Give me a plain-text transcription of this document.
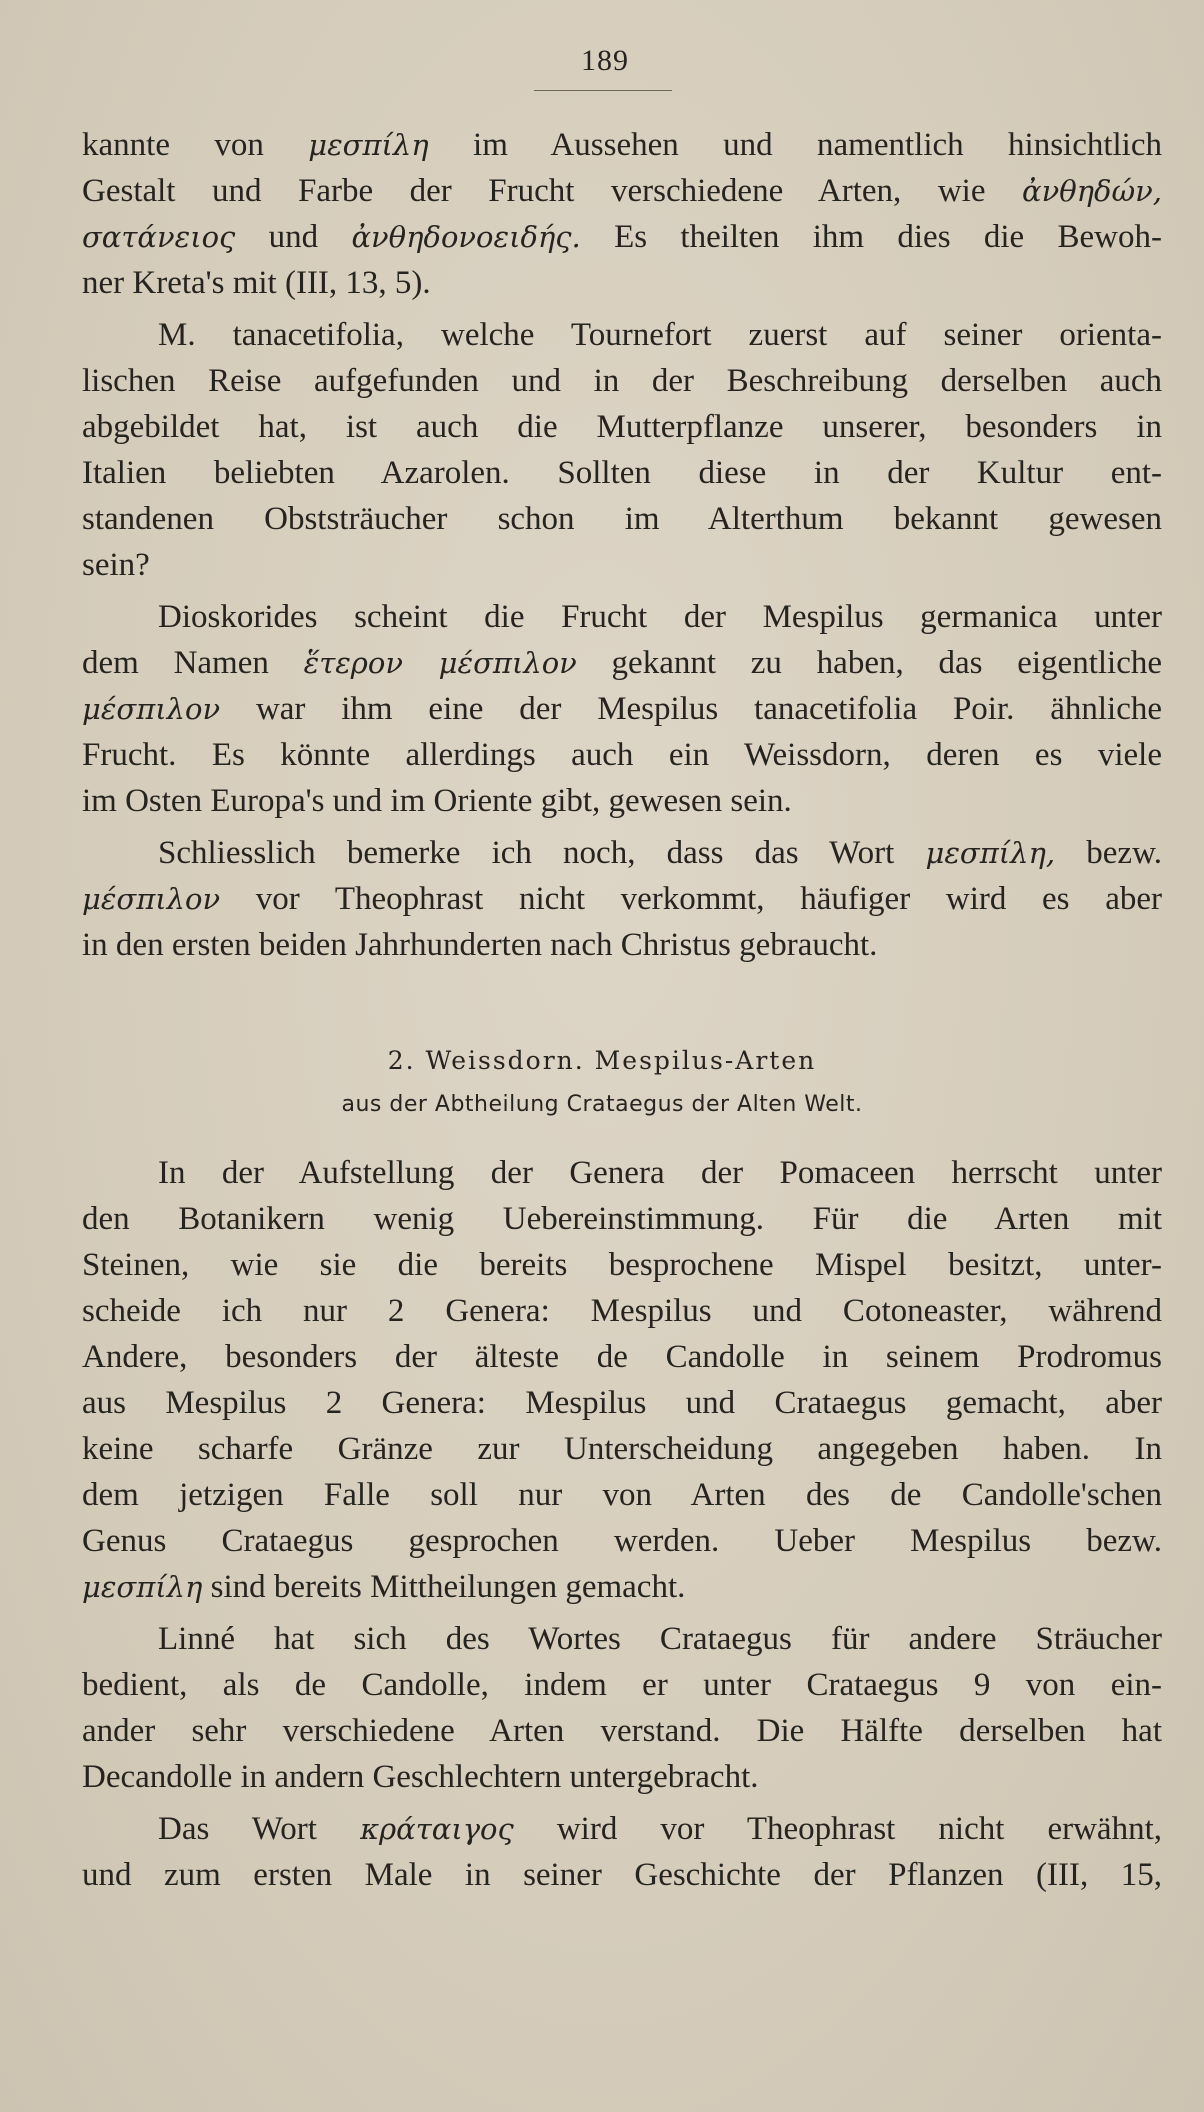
189
kannte von μεσπίλη im Aussehen und namentlich hinsichtlich
Gestalt und Farbe der Frucht verschiedene Arten, wie ἀνθηδών,
σατάνειος und ἀνθηδονοειδής. Es theilten ihm dies die Bewoh-
ner Kreta's mit (III, 13, 5).
M. tanacetifolia, welche Tournefort zuerst auf seiner orienta-
lischen Reise aufgefunden und in der Beschreibung derselben auch
abgebildet hat, ist auch die Mutterpflanze unserer, besonders in
Italien beliebten Azarolen. Sollten diese in der Kultur ent-
standenen Obststräucher schon im Alterthum bekannt gewesen
sein?
Dioskorides scheint die Frucht der Mespilus germanica unter
dem Namen ἕτερον μέσπιλον gekannt zu haben, das eigentliche
μέσπιλον war ihm eine der Mespilus tanacetifolia Poir. ähnliche
Frucht. Es könnte allerdings auch ein Weissdorn, deren es viele
im Osten Europa's und im Oriente gibt, gewesen sein.
Schliesslich bemerke ich noch, dass das Wort μεσπίλη, bezw.
μέσπιλον vor Theophrast nicht verkommt, häufiger wird es aber
in den ersten beiden Jahrhunderten nach Christus gebraucht.
In der Aufstellung der Genera der Pomaceen herrscht unter
den Botanikern wenig Uebereinstimmung. Für die Arten mit
Steinen, wie sie die bereits besprochene Mispel besitzt, unter-
scheide ich nur 2 Genera: Mespilus und Cotoneaster, während
Andere, besonders der älteste de Candolle in seinem Prodromus
aus Mespilus 2 Genera: Mespilus und Crataegus gemacht, aber
keine scharfe Gränze zur Unterscheidung angegeben haben. In
dem jetzigen Falle soll nur von Arten des de Candolle'schen
Genus Crataegus gesprochen werden. Ueber Mespilus bezw.
μεσπίλη sind bereits Mittheilungen gemacht.
Linné hat sich des Wortes Crataegus für andere Sträucher
bedient, als de Candolle, indem er unter Crataegus 9 von ein-
ander sehr verschiedene Arten verstand. Die Hälfte derselben hat
Decandolle in andern Geschlechtern untergebracht.
Das Wort κράταιγος wird vor Theophrast nicht erwähnt,
und zum ersten Male in seiner Geschichte der Pflanzen (III, 15,
2. Weissdorn. Mespilus-Arten
aus der Abtheilung Crataegus der Alten Welt.
